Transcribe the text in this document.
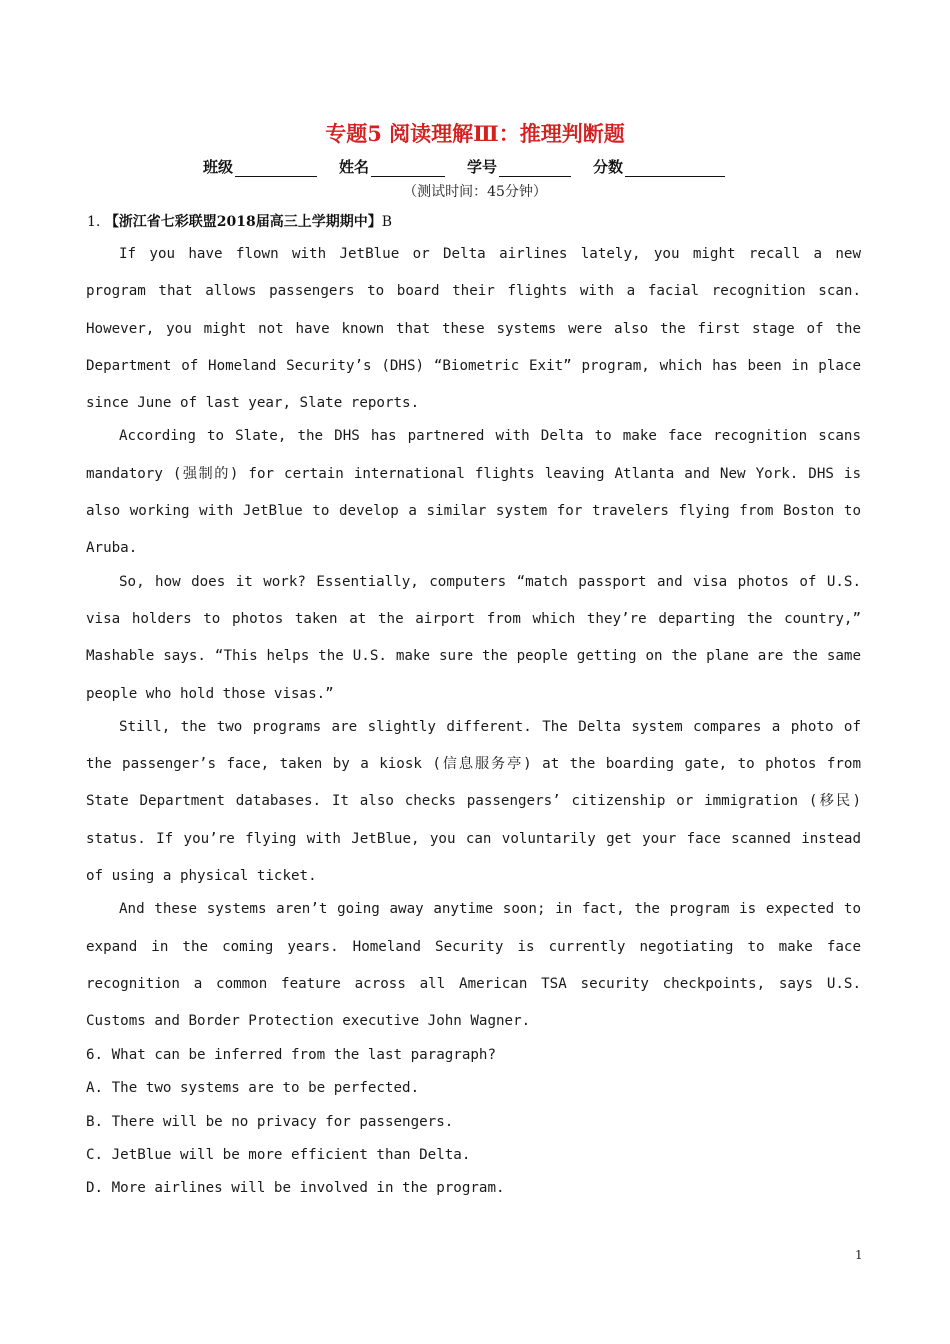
专题5 阅读理解Ⅲ：推理判断题
班级	姓名	学号	分数
（测试时间：45分钟）
1. 【浙江省七彩联盟2018届高三上学期期中】B

If you have flown with JetBlue or Delta airlines lately, you might recall a new program that allows passengers to board their flights with a facial recognition scan. However, you might not have known that these systems were also the first stage of the Department of Homeland Security’s (DHS) “Biometric Exit” program, which has been in place since June of last year, Slate reports.

According to Slate, the DHS has partnered with Delta to make face recognition scans mandatory (强制的) for certain international flights leaving Atlanta and New York. DHS is also working with JetBlue to develop a similar system for travelers flying from Boston to Aruba.

So, how does it work? Essentially, computers “match passport and visa photos of U.S. visa holders to photos taken at the airport from which they’re departing the country,” Mashable says. “This helps the U.S. make sure the people getting on the plane are the same people who hold those visas.”

Still, the two programs are slightly different. The Delta system compares a photo of the passenger’s face, taken by a kiosk (信息服务亭) at the boarding gate, to photos from State Department databases. It also checks passengers’ citizenship or immigration (移民) status. If you’re flying with JetBlue, you can voluntarily get your face scanned instead of using a physical ticket.

And these systems aren’t going away anytime soon; in fact, the program is expected to expand in the coming years. Homeland Security is currently negotiating to make face recognition a common feature across all American TSA security checkpoints, says U.S. Customs and Border Protection executive John Wagner.

6. What can be inferred from the last paragraph?
A. The two systems are to be perfected.
B. There will be no privacy for passengers.
C. JetBlue will be more efficient than Delta.
D. More airlines will be involved in the program.
1
